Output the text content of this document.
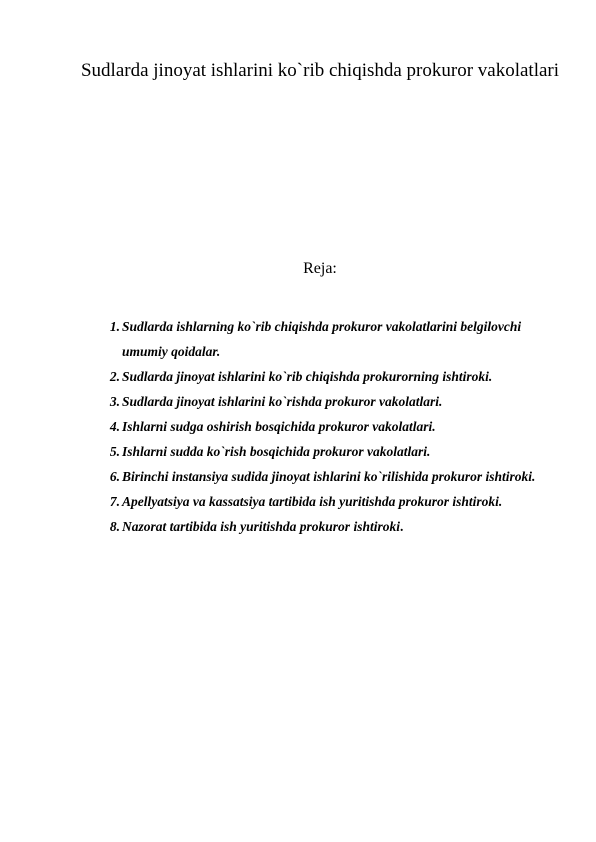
Sudlarda jinoyat ishlarini ko`rib chiqishda prokuror vakolatlari

Reja:

1. Sudlarda ishlarning ko`rib chiqishda prokuror vakolatlarini belgilovchi umumiy qoidalar.
2. Sudlarda jinoyat ishlarini ko`rib chiqishda prokurorning ishtiroki.
3. Sudlarda jinoyat ishlarini ko`rishda prokuror vakolatlari.
4. Ishlarni sudga oshirish bosqichida prokuror vakolatlari.
5. Ishlarni sudda ko`rish bosqichida prokuror vakolatlari.
6. Birinchi instansiya sudida jinoyat ishlarini ko`rilishida prokuror ishtiroki.
7. Apellyatsiya va kassatsiya tartibida ish yuritishda prokuror ishtiroki.
8. Nazorat tartibida ish yuritishda prokuror ishtiroki.
